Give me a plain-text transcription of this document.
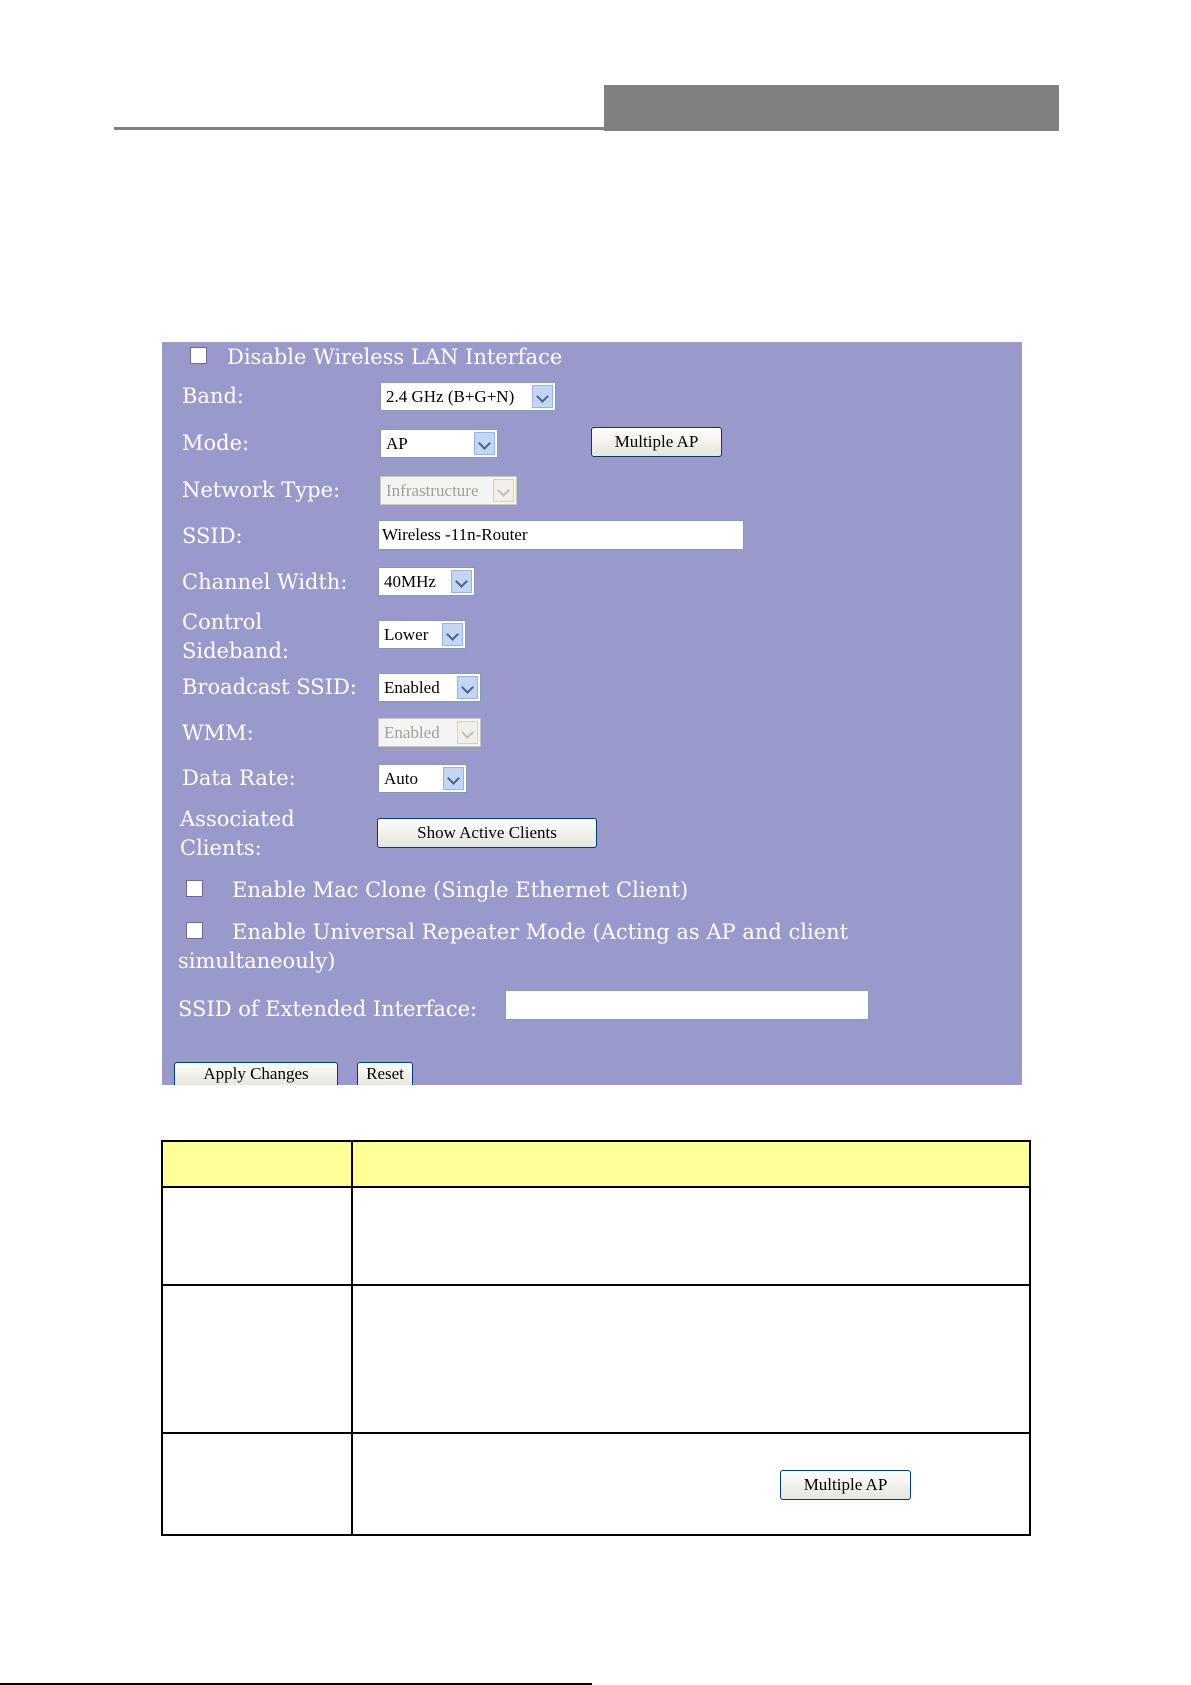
Disable Wireless LAN Interface
Band:	2.4 GHz (B+G+N)
Mode:	AP	Multiple AP
Network Type:	Infrastructure
SSID:	Wireless -11n-Router
Channel Width: 40MHz
Control
Sideband:
Lower
Broadcast SSID: Enabled
WMM:	Enabled
Data Rate:	Auto
Associated
Clients:
Show Active Clients
Enable Mac Clone (Single Ethernet Client)
Enable Universal Repeater Mode (Acting as AP and client
simultaneouly)
SSID of Extended Interface:
Apply Changes	Reset

	Multiple AP
